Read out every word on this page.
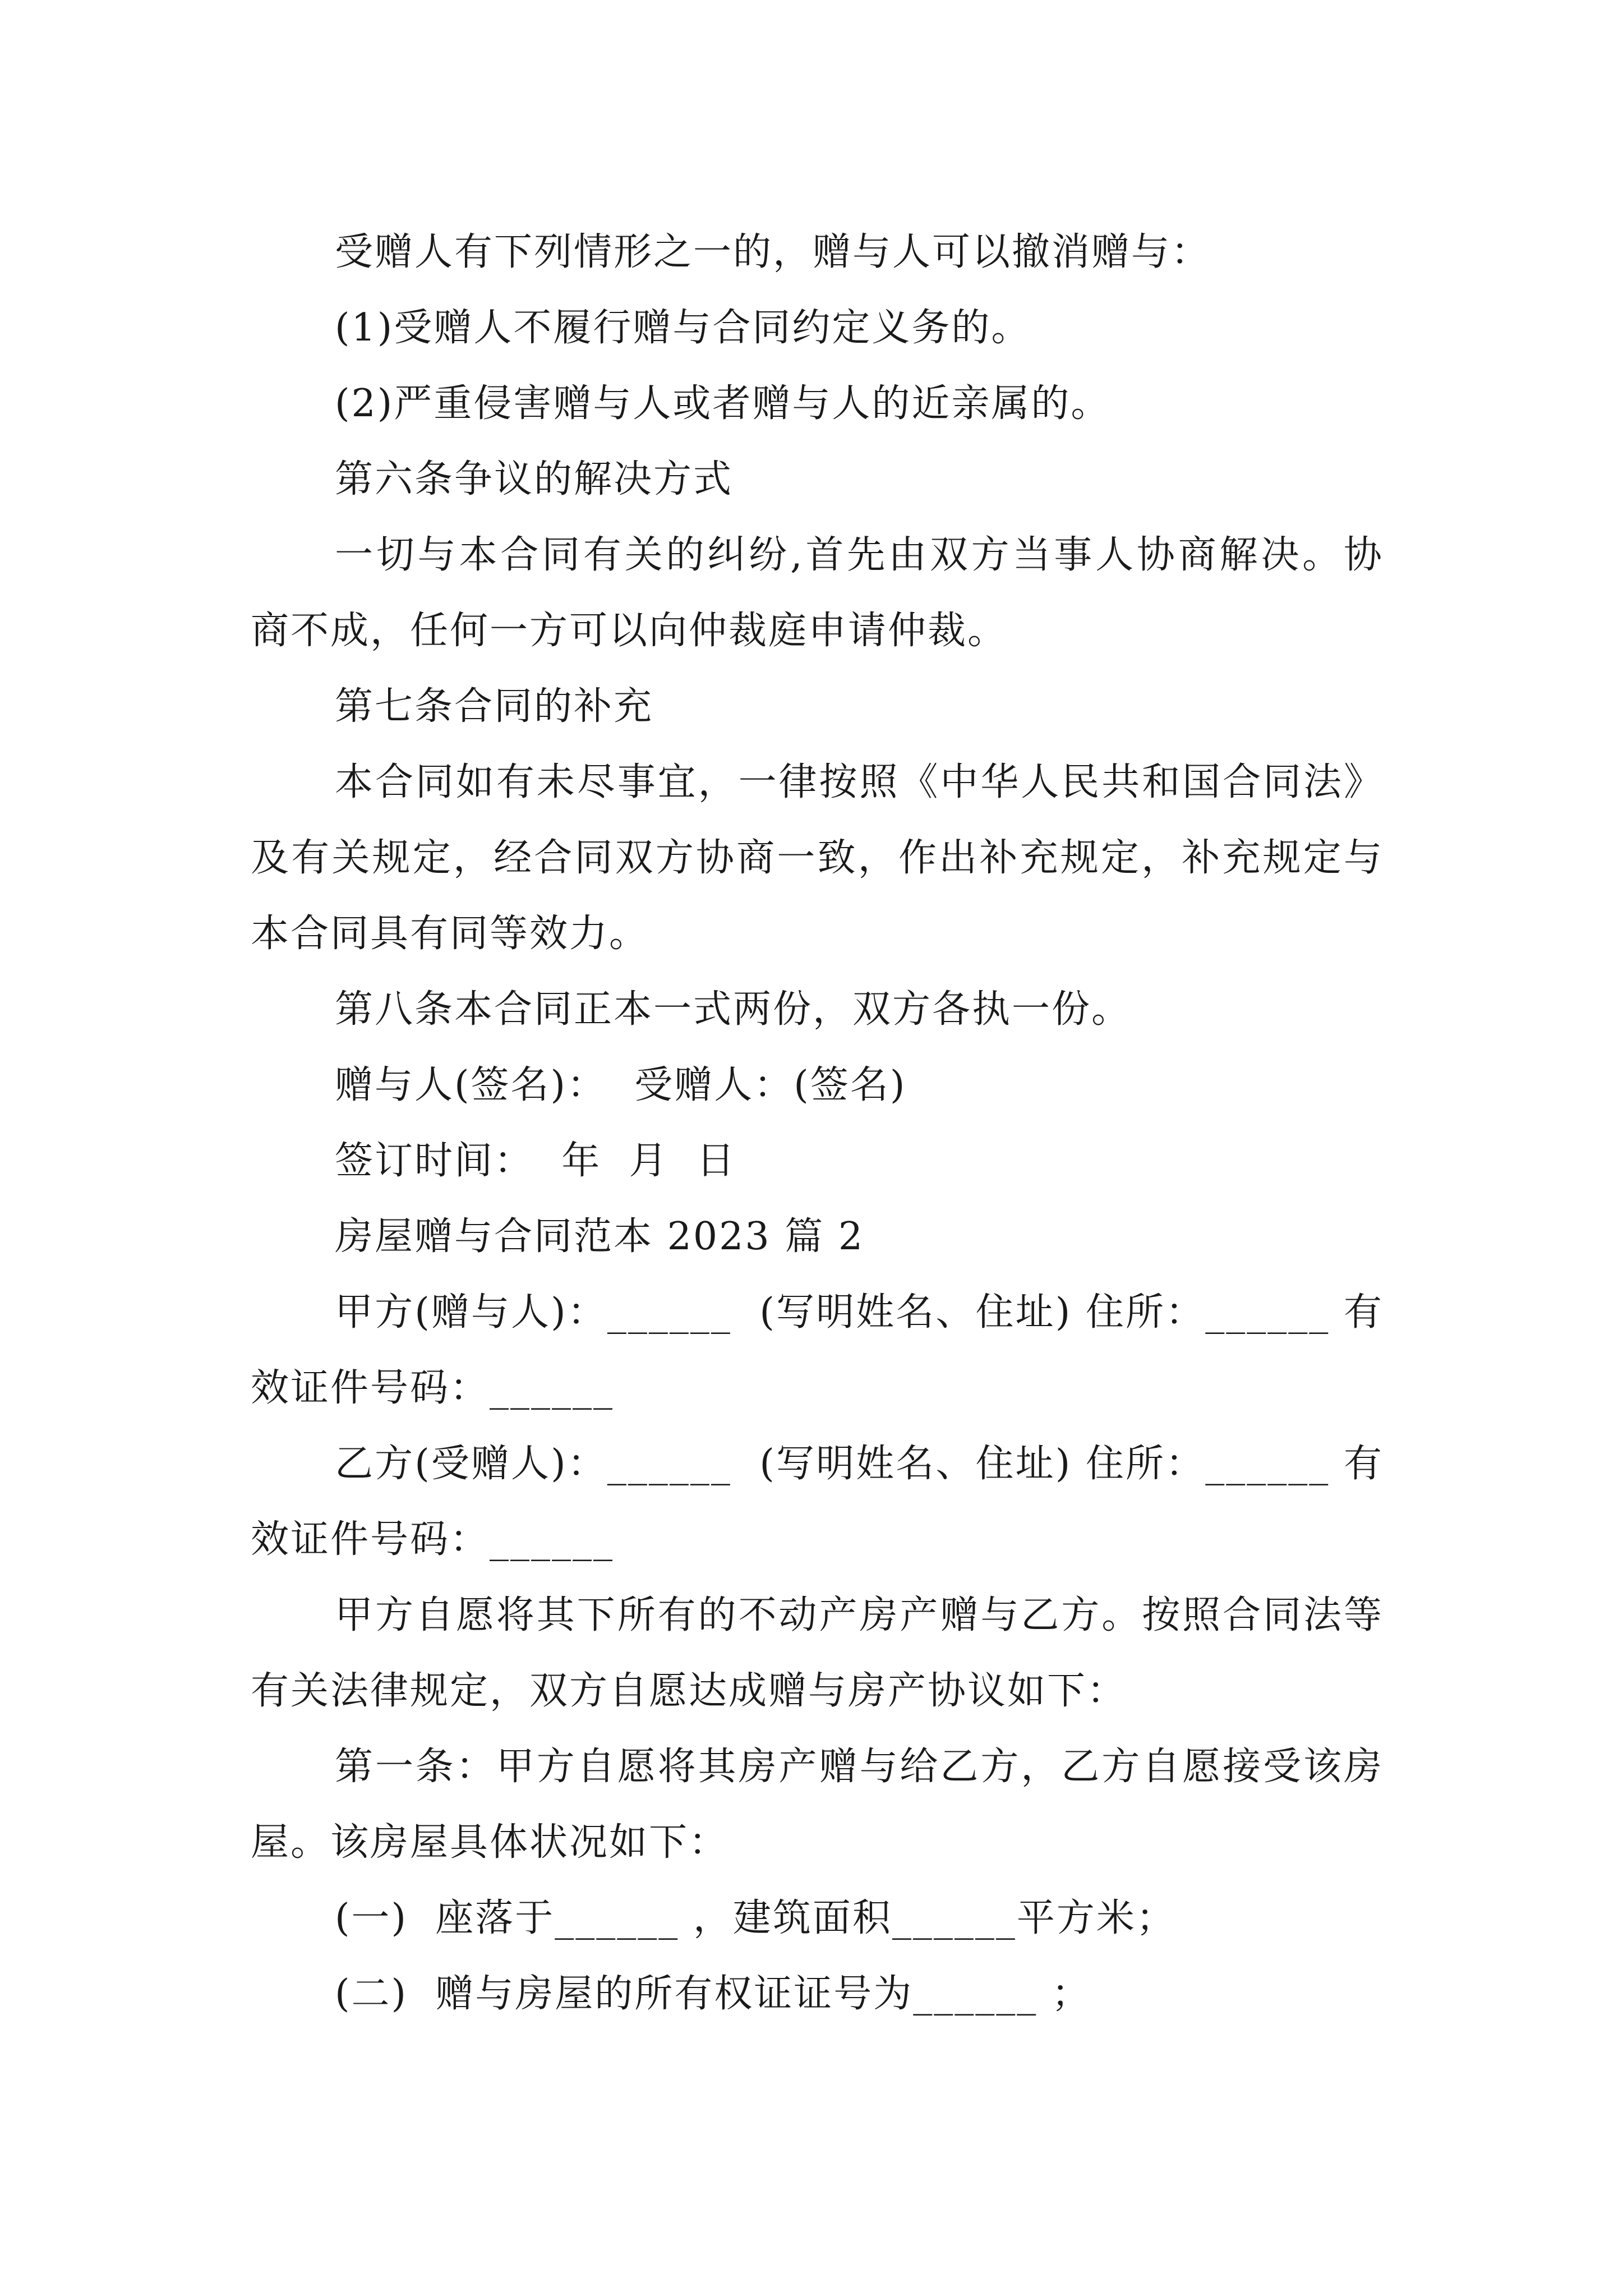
受赠人有下列情形之一的，赠与人可以撤消赠与：

(1)受赠人不履行赠与合同约定义务的。

(2)严重侵害赠与人或者赠与人的近亲属的。

第六条争议的解决方式

一切与本合同有关的纠纷,首先由双方当事人协商解决。协商不成，任何一方可以向仲裁庭申请仲裁。

第七条合同的补充

本合同如有未尽事宜，一律按照《中华人民共和国合同法》及有关规定，经合同双方协商一致，作出补充规定，补充规定与本合同具有同等效力。

第八条本合同正本一式两份，双方各执一份。

赠与人(签名)：  受赠人：(签名)

签订时间：  年  月  日

房屋赠与合同范本 2023 篇 2

甲方(赠与人)：______  (写明姓名、住址) 住所：______ 有效证件号码：______

乙方(受赠人)：______  (写明姓名、住址) 住所：______ 有效证件号码：______

甲方自愿将其下所有的不动产房产赠与乙方。按照合同法等有关法律规定，双方自愿达成赠与房产协议如下：

第一条：甲方自愿将其房产赠与给乙方，乙方自愿接受该房屋。该房屋具体状况如下：

(一)  座落于______ ，建筑面积______平方米；

(二)  赠与房屋的所有权证证号为______ ；
